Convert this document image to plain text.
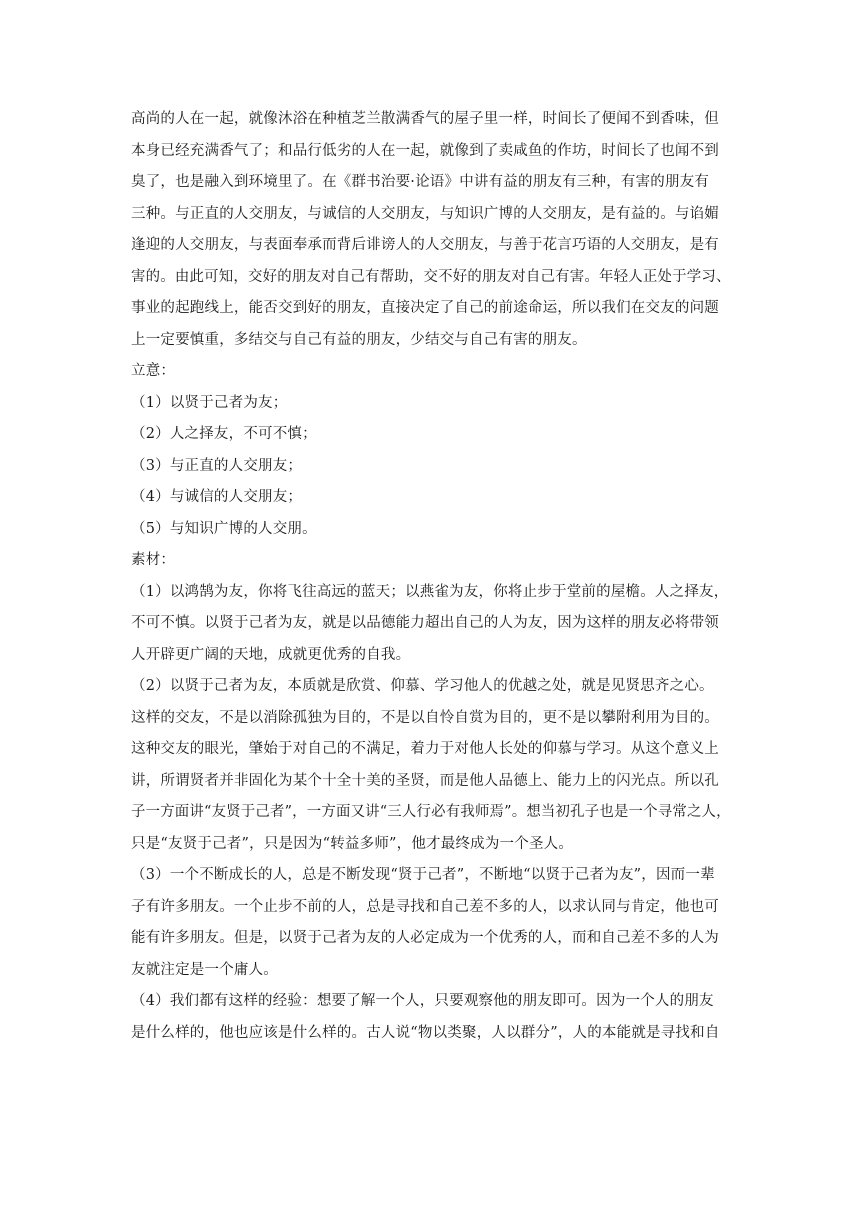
高尚的人在一起，就像沐浴在种植芝兰散满香气的屋子里一样，时间长了便闻不到香味，但
本身已经充满香气了；和品行低劣的人在一起，就像到了卖咸鱼的作坊，时间长了也闻不到
臭了，也是融入到环境里了。在《群书治要·论语》中讲有益的朋友有三种，有害的朋友有
三种。与正直的人交朋友，与诚信的人交朋友，与知识广博的人交朋友，是有益的。与谄媚
逢迎的人交朋友，与表面奉承而背后诽谤人的人交朋友，与善于花言巧语的人交朋友，是有
害的。由此可知，交好的朋友对自己有帮助，交不好的朋友对自己有害。年轻人正处于学习、
事业的起跑线上，能否交到好的朋友，直接决定了自己的前途命运，所以我们在交友的问题
上一定要慎重，多结交与自己有益的朋友，少结交与自己有害的朋友。
立意：
（1）以贤于己者为友；
（2）人之择友，不可不慎；
（3）与正直的人交朋友；
（4）与诚信的人交朋友；
（5）与知识广博的人交朋。
素材：
（1）以鸿鹄为友，你将飞往高远的蓝天；以燕雀为友，你将止步于堂前的屋檐。人之择友，
不可不慎。以贤于己者为友，就是以品德能力超出自己的人为友，因为这样的朋友必将带领
人开辟更广阔的天地，成就更优秀的自我。
（2）以贤于己者为友，本质就是欣赏、仰慕、学习他人的优越之处，就是见贤思齐之心。
这样的交友，不是以消除孤独为目的，不是以自怜自赏为目的，更不是以攀附利用为目的。
这种交友的眼光，肇始于对自己的不满足，着力于对他人长处的仰慕与学习。从这个意义上
讲，所谓贤者并非固化为某个十全十美的圣贤，而是他人品德上、能力上的闪光点。所以孔
子一方面讲“友贤于己者”，一方面又讲“三人行必有我师焉”。想当初孔子也是一个寻常之人，
只是“友贤于己者”，只是因为“转益多师”，他才最终成为一个圣人。
（3）一个不断成长的人，总是不断发现“贤于己者”，不断地“以贤于己者为友”，因而一辈
子有许多朋友。一个止步不前的人，总是寻找和自己差不多的人，以求认同与肯定，他也可
能有许多朋友。但是，以贤于己者为友的人必定成为一个优秀的人，而和自己差不多的人为
友就注定是一个庸人。
（4）我们都有这样的经验：想要了解一个人，只要观察他的朋友即可。因为一个人的朋友
是什么样的，他也应该是什么样的。古人说“物以类聚，人以群分”，人的本能就是寻找和自
